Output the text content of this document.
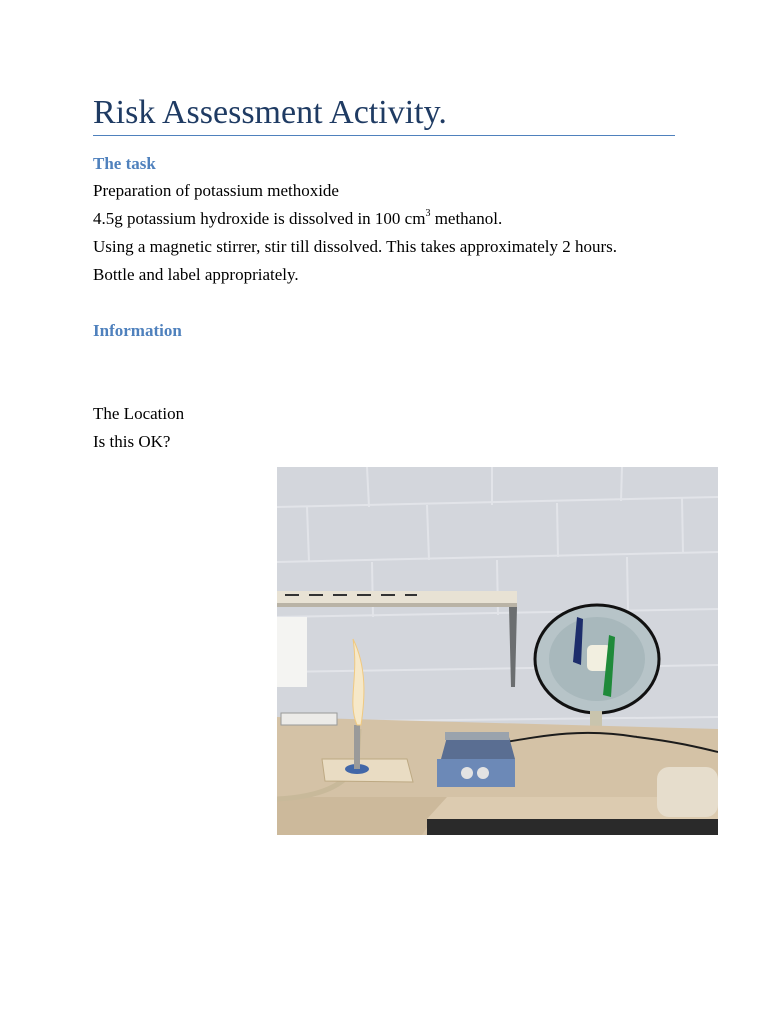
Risk Assessment Activity.
The task
Preparation of potassium methoxide
4.5g potassium hydroxide is dissolved in 100 $cm^3$ methanol.
Using a magnetic stirrer, stir till dissolved. This takes approximately 2 hours.
Bottle and label appropriately.
Information
The Location
Is this OK?
